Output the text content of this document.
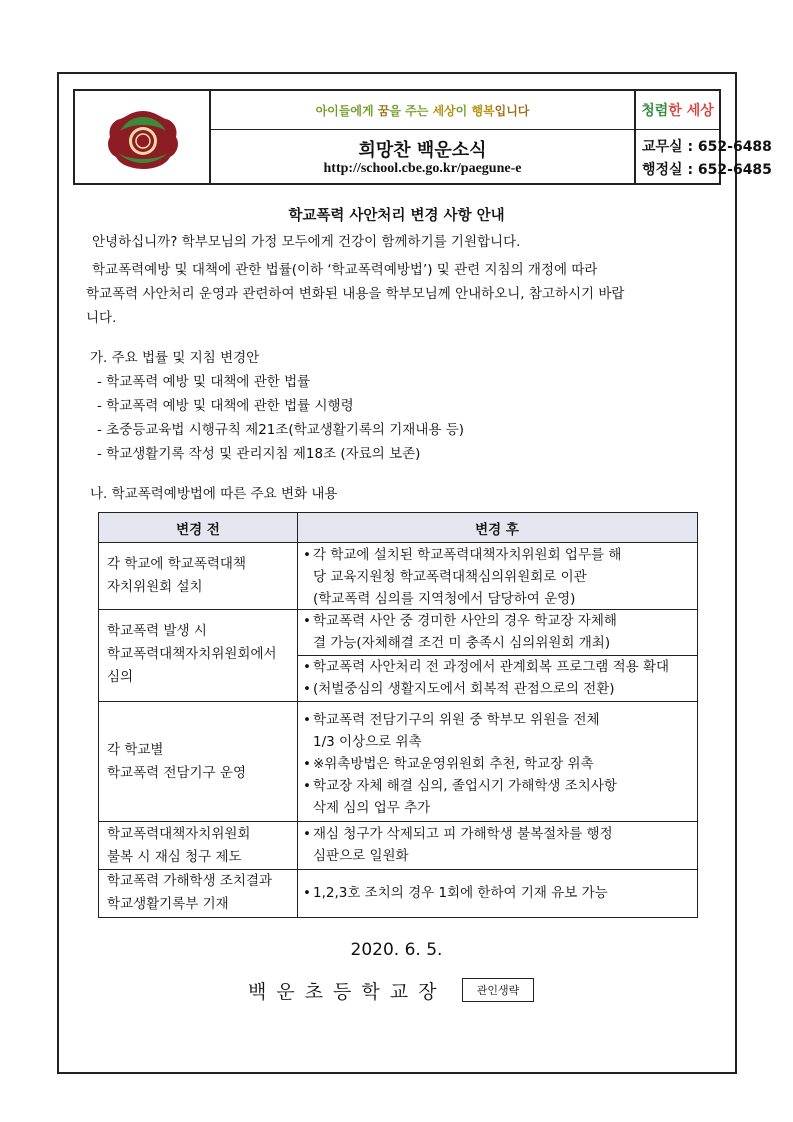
아이들에게 꿈을 주는 세상이 행복입니다
희망찬 백운소식
http://school.cbe.go.kr/paegune-e
청렴한 세상
교무실 : 652-6488
행정실 : 652-6485
학교폭력 사안처리 변경 사항 안내
안녕하십니까? 학부모님의 가정 모두에게 건강이 함께하기를 기원합니다.
학교폭력예방 및 대책에 관한 법률(이하 ‘학교폭력예방법’) 및 관련 지침의 개정에 따라
학교폭력 사안처리 운영과 관련하여 변화된 내용을 학부모님께 안내하오니, 참고하시기 바랍
니다.
가. 주요 법률 및 지침 변경안
- 학교폭력 예방 및 대책에 관한 법률
- 학교폭력 예방 및 대책에 관한 법률 시행령
- 초중등교육법 시행규칙 제21조(학교생활기록의 기재내용 등)
- 학교생활기록 작성 및 관리지침 제18조 (자료의 보존)
나. 학교폭력예방법에 따른 주요 변화 내용
변경 전	변경 후
각 학교에 학교폭력대책
자치위원회 설치
• 각 학교에 설치된 학교폭력대책자치위원회 업무를 해
당 교육지원청 학교폭력대책심의위원회로 이관
(학교폭력 심의를 지역청에서 담당하여 운영)
학교폭력 발생 시
학교폭력대책자치위원회에서
심의
• 학교폭력 사안 중 경미한 사안의 경우 학교장 자체해
결 가능(자체해결 조건 미 충족시 심의위원회 개최)
• 학교폭력 사안처리 전 과정에서 관계회복 프로그램 적용 확대
• (처벌중심의 생활지도에서 회복적 관점으로의 전환)
각 학교별
학교폭력 전담기구 운영
• 학교폭력 전담기구의 위원 중 학부모 위원을 전체
1/3 이상으로 위촉
• ※위촉방법은 학교운영위원회 추천, 학교장 위촉
• 학교장 자체 해결 심의, 졸업시기 가해학생 조치사항
삭제 심의 업무 추가
학교폭력대책자치위원회
불복 시 재심 청구 제도
• 재심 청구가 삭제되고 피 가해학생 불복절차를 행정
심판으로 일원화
학교폭력 가해학생 조치결과
학교생활기록부 기재
• 1,2,3호 조치의 경우 1회에 한하여 기재 유보 가능
2020. 6. 5.
백운초등학교장	관인생략
